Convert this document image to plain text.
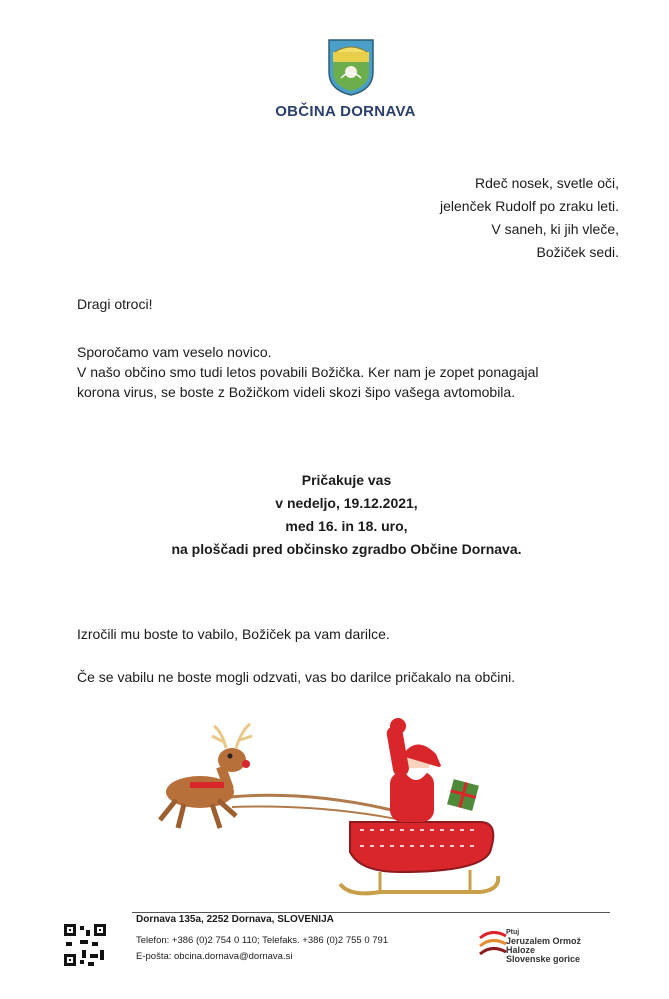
OBČINA DORNAVA
Rdeč nosek, svetle oči,
jelenček Rudolf po zraku leti.
V saneh, ki jih vleče,
Božiček sedi.
Dragi otroci!
Sporočamo vam veselo novico.
V našo občino smo tudi letos povabili Božička. Ker nam je zopet ponagajal
korona virus, se boste z Božičkom videli skozi šipo vašega avtomobila.
Pričakuje vas
v nedeljo, 19.12.2021,
med 16. in 18. uro,
na ploščadi pred občinsko zgradbo Občine Dornava.
Izročili mu boste to vabilo, Božiček pa vam darilce.
Če se vabilu ne boste mogli odzvati, vas bo darilce pričakalo na občini.
Dornava 135a, 2252 Dornava, SLOVENIJA
Telefon: +386 (0)2 754 0 110; Telefaks. +386 (0)2 755 0 791
E-pošta: obcina.dornava@dornava.si
Ptuj
Jeruzalem Ormož
Haloze
Slovenske gorice
